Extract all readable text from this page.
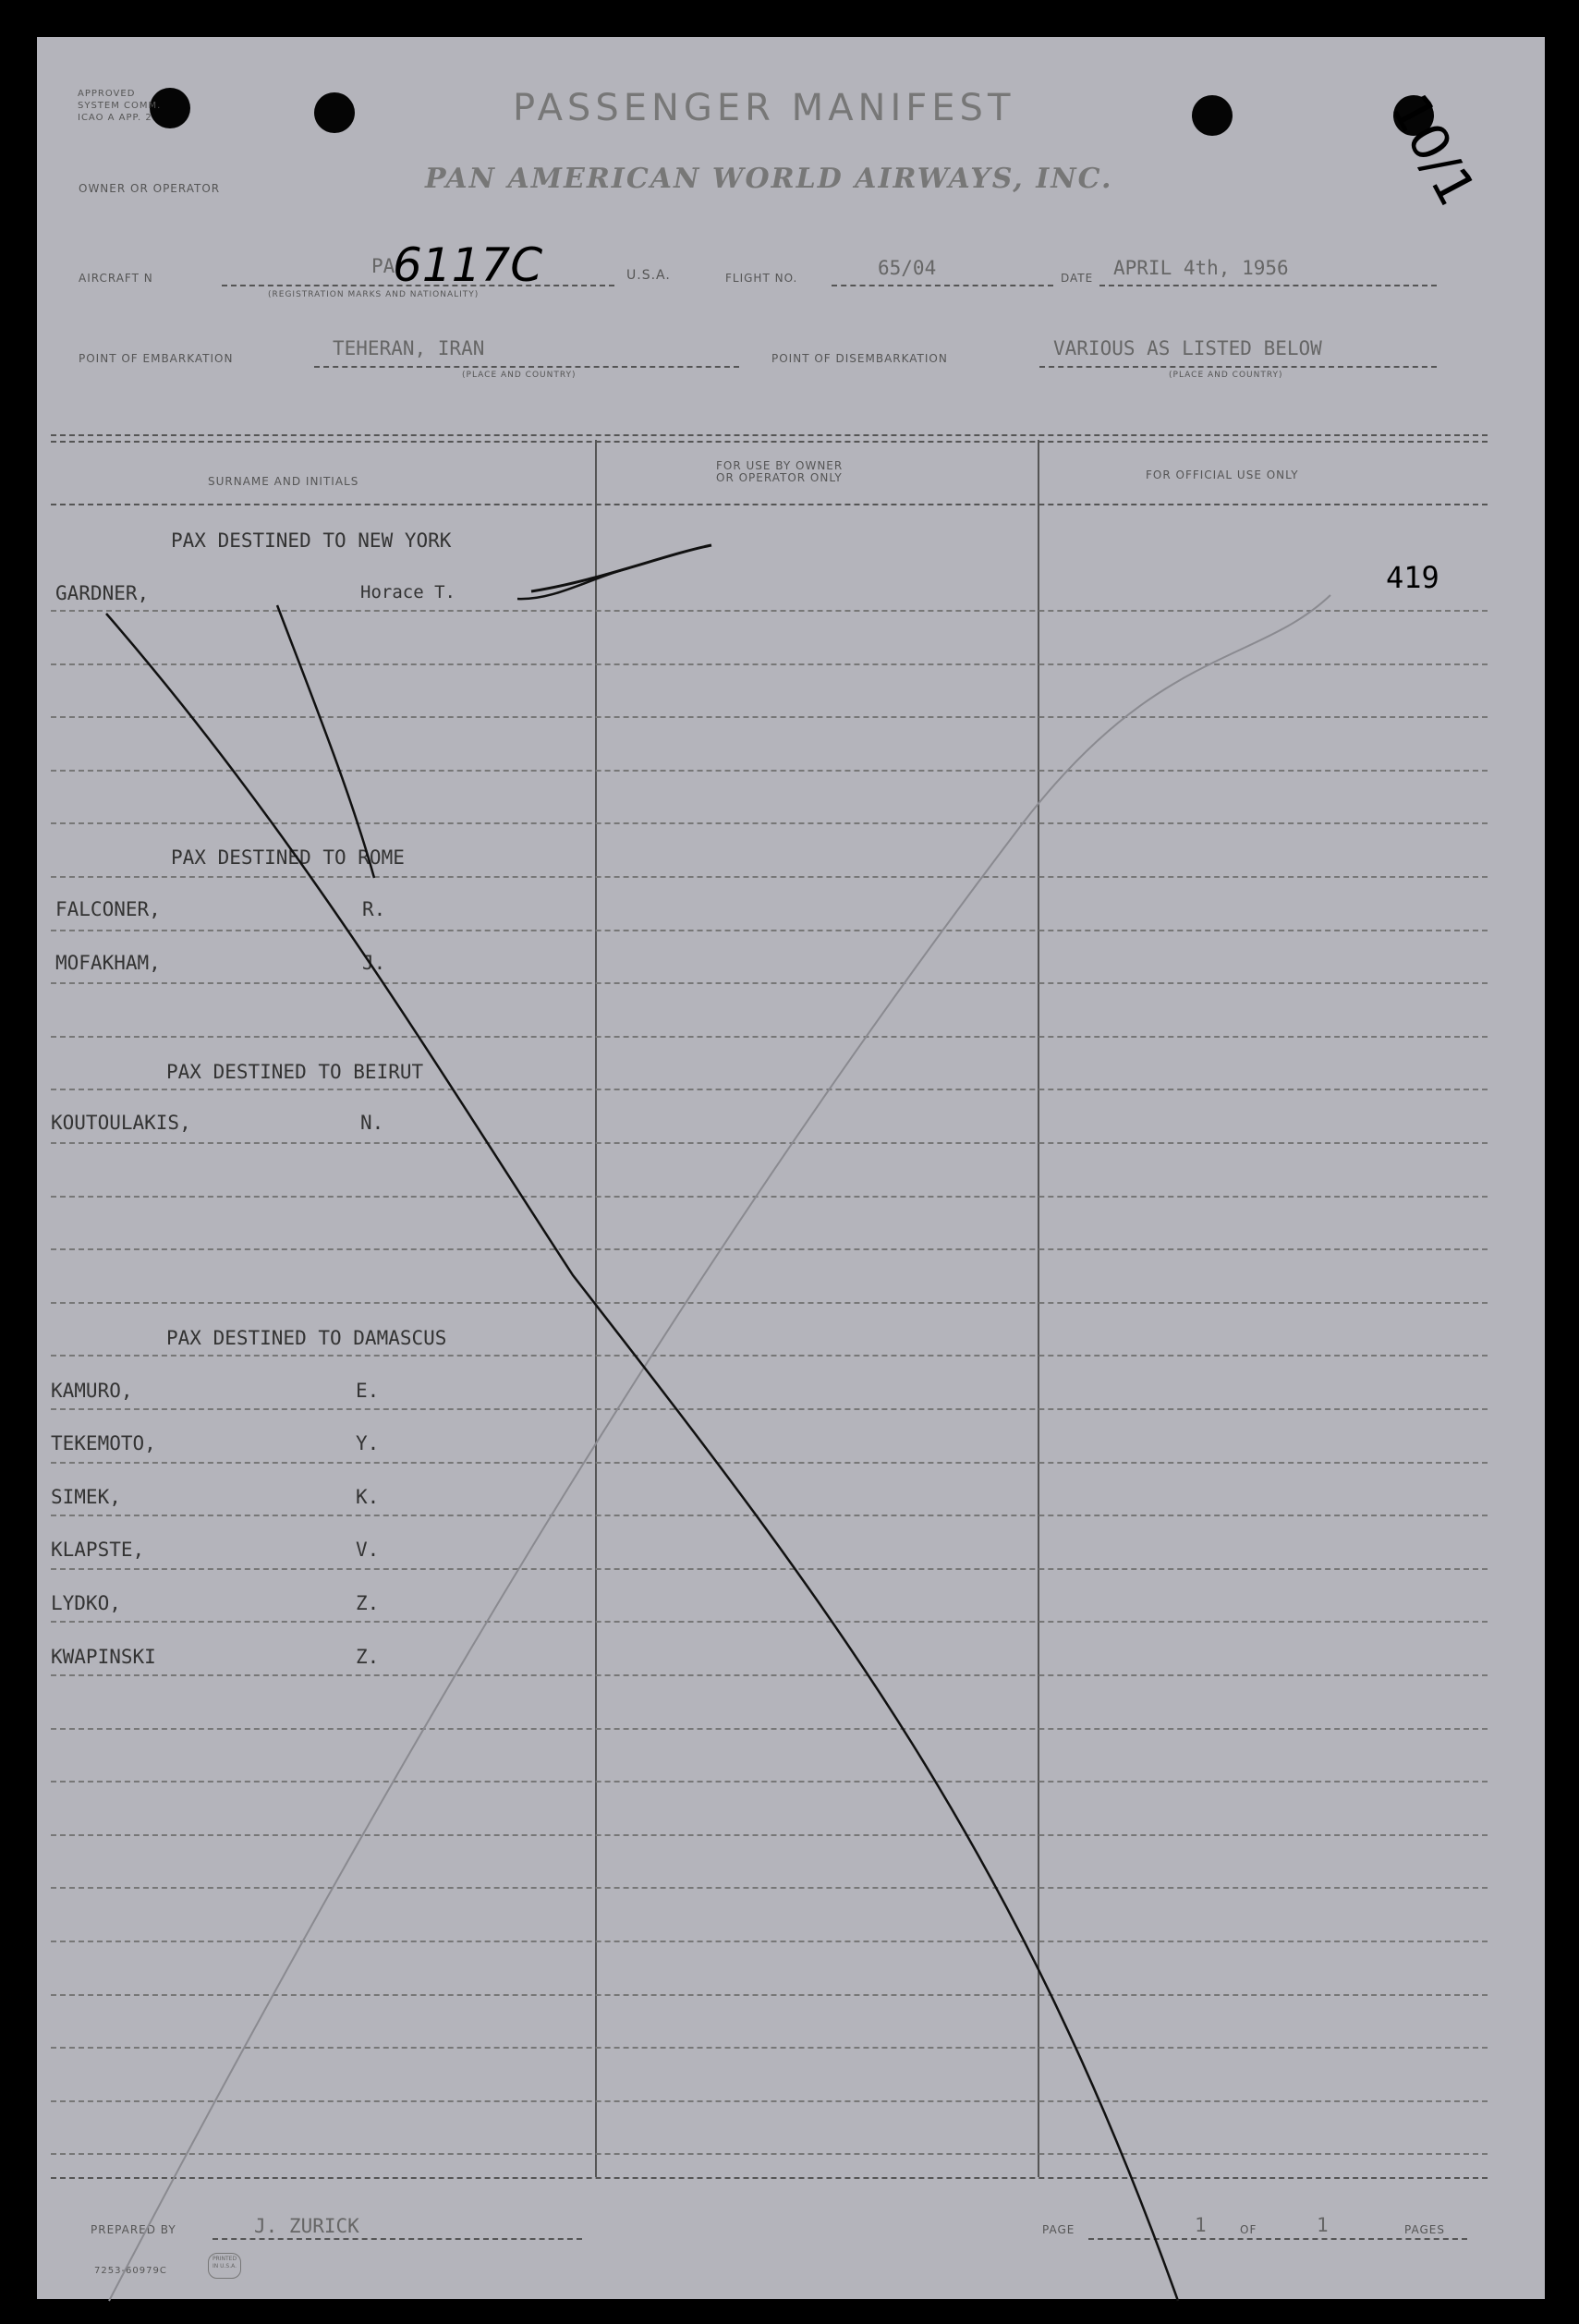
APPROVED
SYSTEM COMM.
ICAO A APP. 2	PASSENGER MANIFEST
OWNER OR OPERATOR	PAN AMERICAN WORLD AIRWAYS, INC.	10/1
AIRCRAFT N
PA
6117C
(REGISTRATION MARKS AND NATIONALITY)
U.S.A.	FLIGHT NO.	65/04	DATE APRIL 4th, 1956
POINT OF EMBARKATION	TEHERAN, IRAN
(PLACE AND COUNTRY)
POINT OF DISEMBARKATION	VARIOUS AS LISTED BELOW
(PLACE AND COUNTRY)
SURNAME AND INITIALS
FOR USE BY OWNER
OR OPERATOR ONLY	FOR OFFICIAL USE ONLY
PAX DESTINED TO NEW YORK
GARDNER,	Horace T.	419
PAX DESTINED TO ROME
FALCONER,	R.
MOFAKHAM,	J.
PAX DESTINED TO BEIRUT
KOUTOULAKIS,	N.
PAX DESTINED TO DAMASCUS
KAMURO,	E.
TEKEMOTO,	Y.
SIMEK,	K.
KLAPSTE,	V.
LYDKO,	Z.
KWAPINSKI	Z.
PREPARED BY	J. ZURICK	PAGE	1	OF	1	PAGES
7253-60979C
PRINTED IN U.S.A.
